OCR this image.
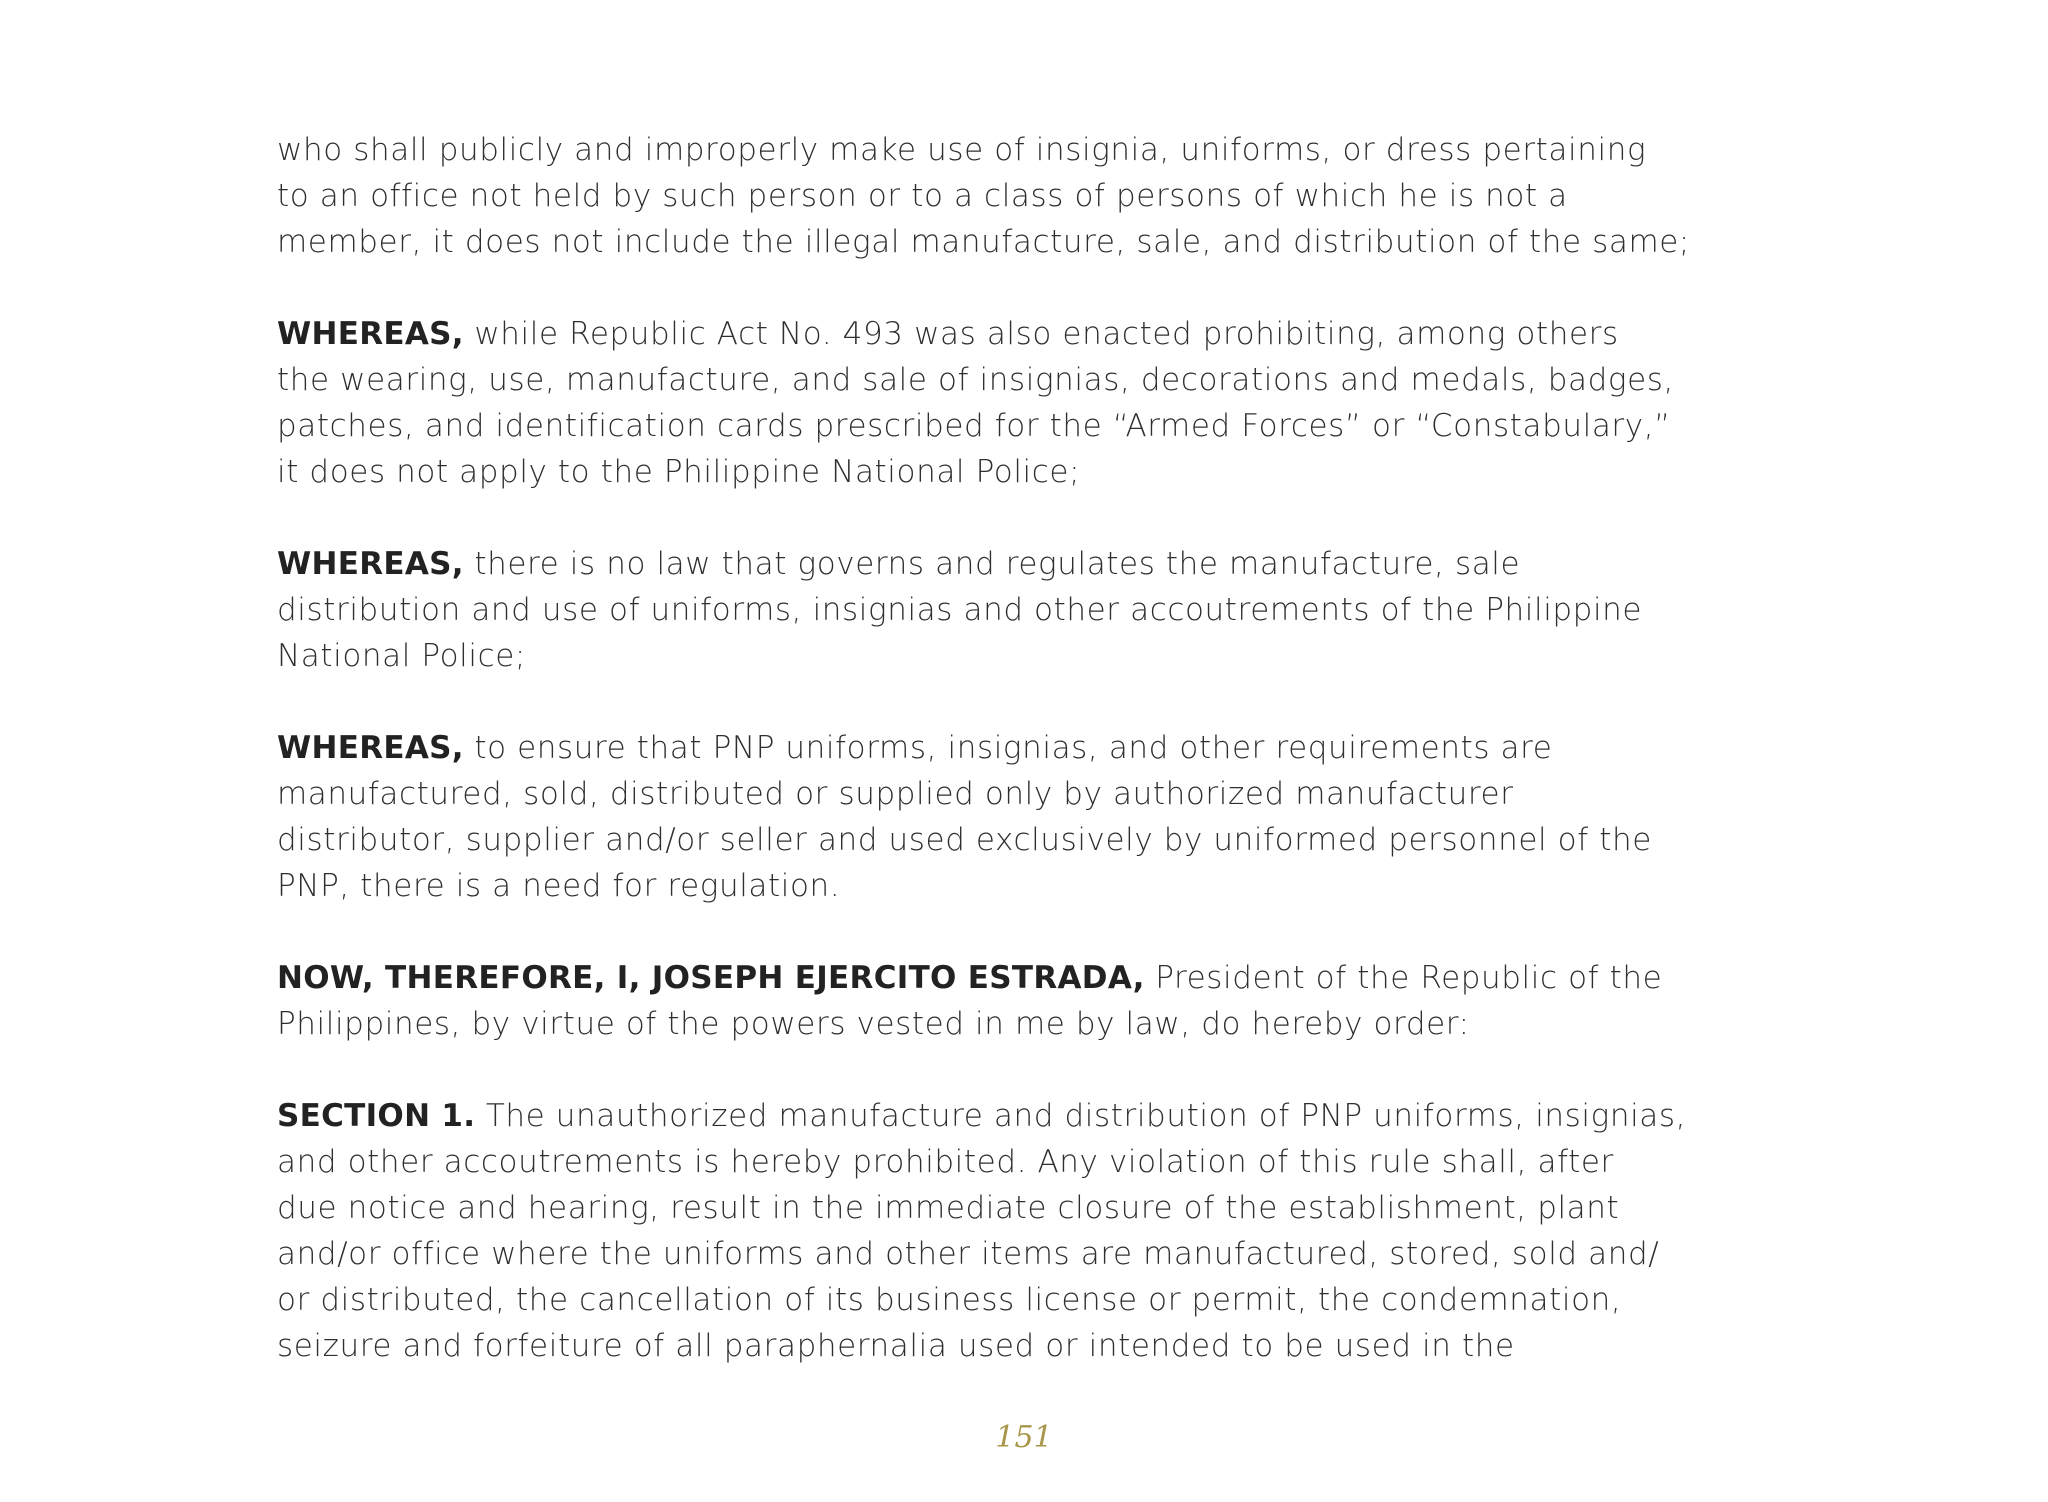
who shall publicly and improperly make use of insignia, uniforms, or dress pertaining
to an office not held by such person or to a class of persons of which he is not a
member, it does not include the illegal manufacture, sale, and distribution of the same;

WHEREAS, while Republic Act No. 493 was also enacted prohibiting, among others
the wearing, use, manufacture, and sale of insignias, decorations and medals, badges,
patches, and identification cards prescribed for the “Armed Forces” or “Constabulary,”
it does not apply to the Philippine National Police;

WHEREAS, there is no law that governs and regulates the manufacture, sale
distribution and use of uniforms, insignias and other accoutrements of the Philippine
National Police;

WHEREAS, to ensure that PNP uniforms, insignias, and other requirements are
manufactured, sold, distributed or supplied only by authorized manufacturer
distributor, supplier and/or seller and used exclusively by uniformed personnel of the
PNP, there is a need for regulation.

NOW, THEREFORE, I, JOSEPH EJERCITO ESTRADA, President of the Republic of the
Philippines, by virtue of the powers vested in me by law, do hereby order:

SECTION 1. The unauthorized manufacture and distribution of PNP uniforms, insignias,
and other accoutrements is hereby prohibited. Any violation of this rule shall, after
due notice and hearing, result in the immediate closure of the establishment, plant
and/or office where the uniforms and other items are manufactured, stored, sold and/
or distributed, the cancellation of its business license or permit, the condemnation,
seizure and forfeiture of all paraphernalia used or intended to be used in the

151
